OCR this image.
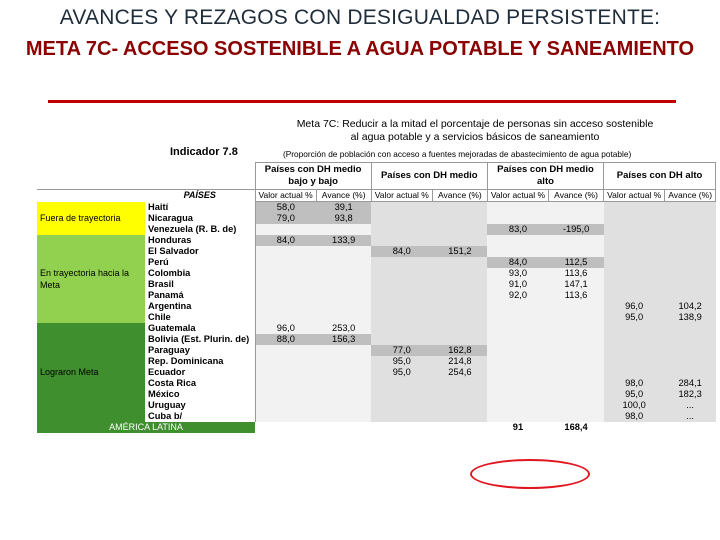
AVANCES Y REZAGOS CON DESIGUALDAD PERSISTENTE:
META 7C- ACCESO SOSTENIBLE A AGUA POTABLE Y SANEAMIENTO
Meta 7C: Reducir a la mitad el porcentaje de personas sin acceso sostenible
al agua potable y a servicios básicos de saneamiento
Indicador 7.8	(Proporción de población con acceso a fuentes mejoradas de abastecimiento de agua potable)
		Países con DH medio bajo y bajo		Países con DH medio		Países con DH medio alto		Países con DH alto	
	PAÍSES	Valor actual %	Avance (%)	Valor actual %	Avance (%)	Valor actual %	Avance (%)	Valor actual %	Avance (%)
Fuera de trayectoria	Haití	58,0	39,1						
	Nicaragua	79,0	93,8						
	Venezuela (R. B. de)					83,0	-195,0		
En trayectoria hacia la Meta	Honduras	84,0	133,9						
	El Salvador			84,0	151,2				
	Perú					84,0	112,5		
	Colombia					93,0	113,6		
	Brasil					91,0	147,1		
	Panamá					92,0	113,6		
	Argentina							96,0	104,2
	Chile							95,0	138,9
Lograron Meta	Guatemala	96,0	253,0						
	Bolivia (Est. Plurin. de)	88,0	156,3						
	Paraguay			77,0	162,8				
	Rep. Dominicana			95,0	214,8				
	Ecuador			95,0	254,6				
	Costa Rica							98,0	284,1
	México							95,0	182,3
	Uruguay							100,0	...
	Cuba b/							98,0	...
AMÉRICA LATINA						91	168,4		
